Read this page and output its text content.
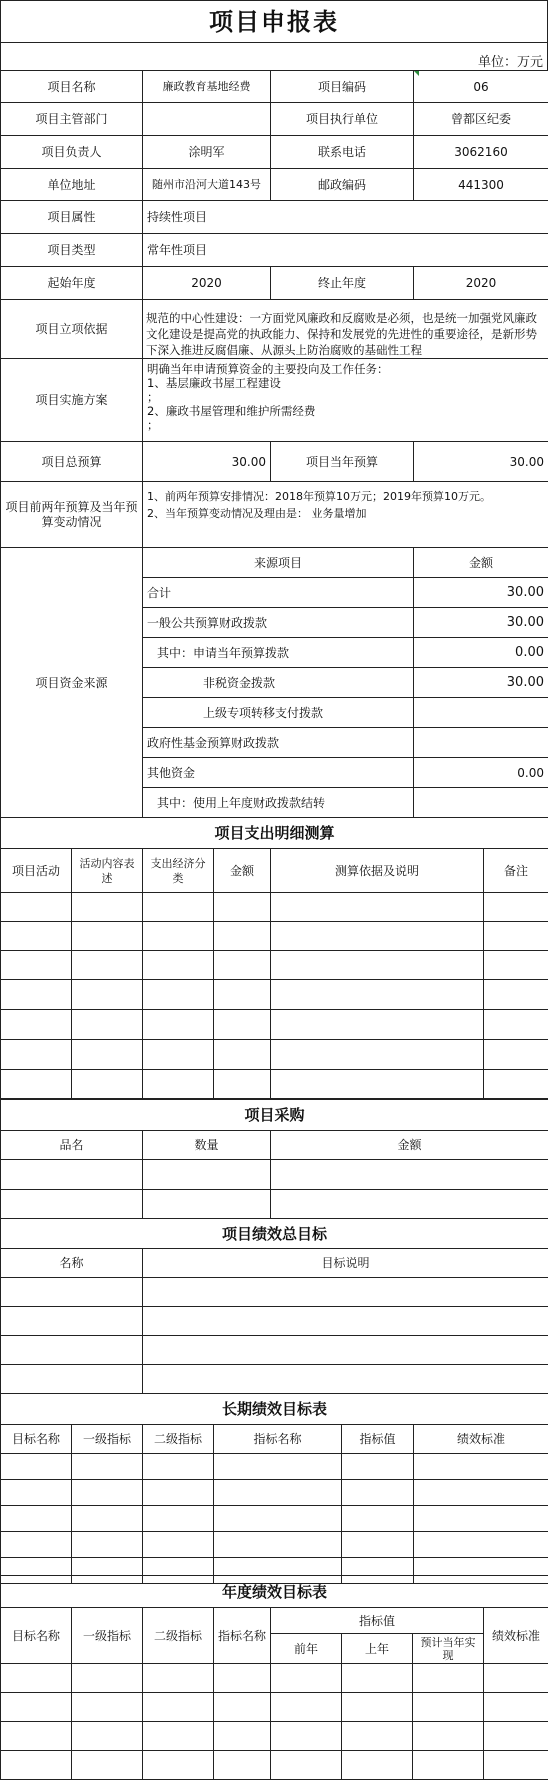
项目申报表
单位：万元
项目名称	廉政教育基地经费	项目编码	06

项目主管部门		项目执行单位	曾都区纪委
项目负责人	涂明军	联系电话	3062160
单位地址	随州市沿河大道143号	邮政编码	441300
项目属性	持续性项目		
项目类型	常年性项目		
起始年度	2020	终止年度	2020
项目立项依据	规范的中心性建设：一方面党风廉政和反腐败是必须，也是统一加强党风廉政文化建设是提高党的执政能力、保持和发展党的先进性的重要途径，是新形势下深入推进反腐倡廉、从源头上防治腐败的基础性工程		

项目实施方案	明确当年申请预算资金的主要投向及工作任务：
1、基层廉政书屋工程建设
；
2、廉政书屋管理和维护所需经费
；		
项目总预算	30.00	项目当年预算	30.00
项目前两年预算及当年预算变动情况	1、前两年预算安排情况：2018年预算10万元；2019年预算10万元。
2、当年预算变动情况及理由是： 业务量增加		
项目资金来源	来源项目	金额
	合计	30.00
	一般公共预算财政拨款	30.00
	其中：申请当年预算拨款	0.00
	非税资金拨款	30.00
	上级专项转移支付拨款	
	政府性基金预算财政拨款	
	其他资金	0.00
	其中：使用上年度财政拨款结转	
项目支出明细测算					
项目活动	活动内容表述	支出经济分类	金额	测算依据及说明	备注

项目采购		
品名	数量	金额

项目绩效总目标	
名称	目标说明

长期绩效目标表					
目标名称	一级指标	二级指标	指标名称	指标值	绩效标准

年度绩效目标表							
目标名称	一级指标	二级指标	指标名称	指标值			绩效标准
				前年	上年	预计当年实现	
